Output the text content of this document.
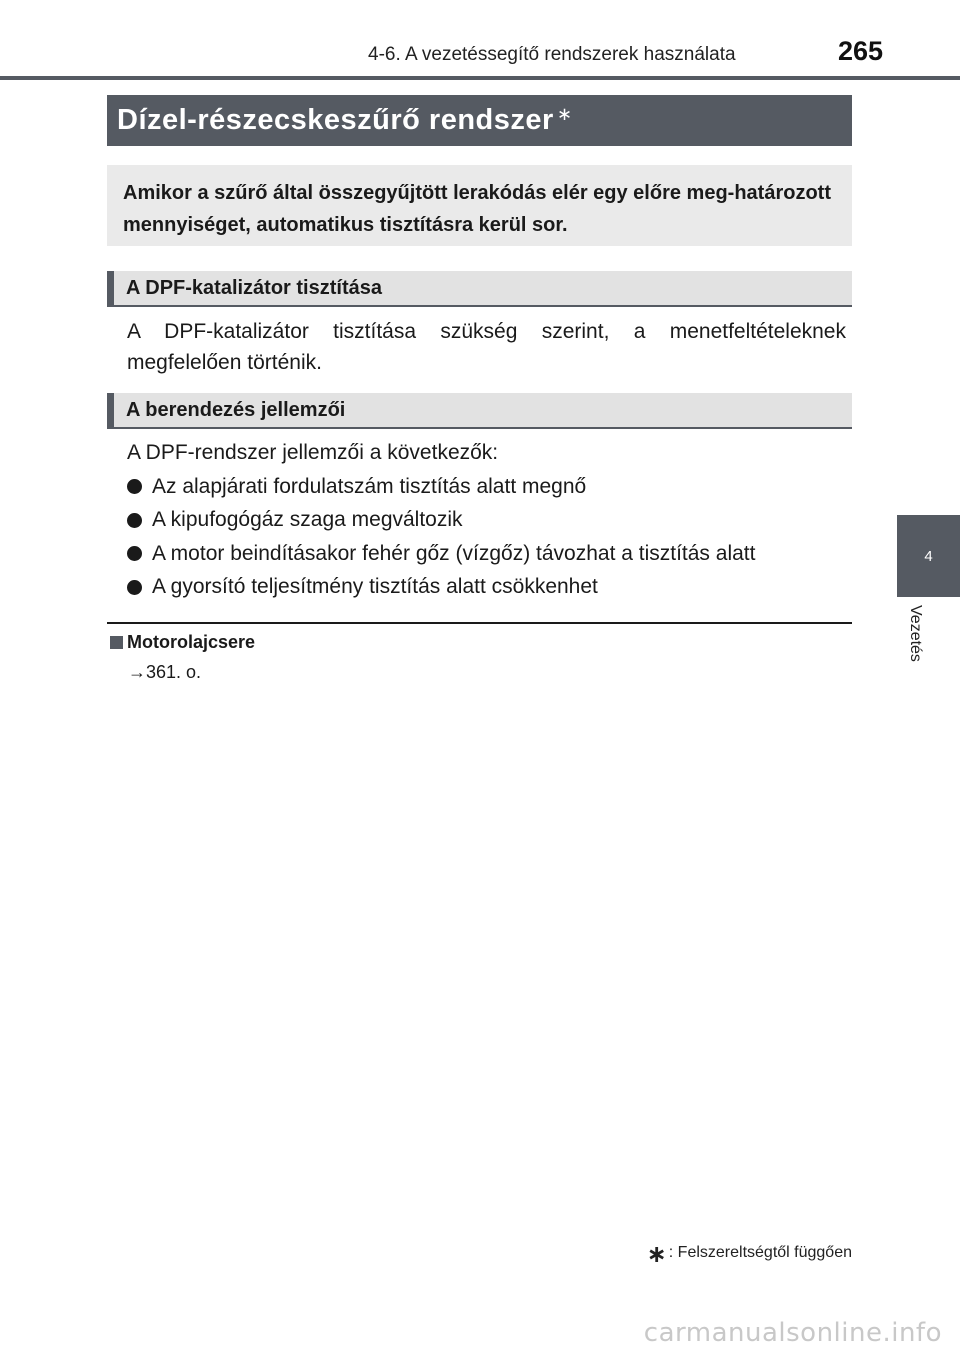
4-6. A vezetéssegítő rendszerek használata	265
Dízel-részecskeszűrő rendszer∗
Amikor a szűrő által összegyűjtött lerakódás elér egy előre meg-határozott mennyiséget, automatikus tisztításra kerül sor.
A DPF-katalizátor tisztítása
A DPF-katalizátor tisztítása szükség szerint, a menetfeltételeknek megfelelően történik.
A berendezés jellemzői
A DPF-rendszer jellemzői a következők:
Az alapjárati fordulatszám tisztítás alatt megnő
A kipufogógáz szaga megváltozik
A motor beindításakor fehér gőz (vízgőz) távozhat a tisztítás alatt
A gyorsító teljesítmény tisztítás alatt csökkenhet
Motorolajcsere
→361. o.
4
Vezetés
∗ : Felszereltségtől függően
carmanualsonline.info
